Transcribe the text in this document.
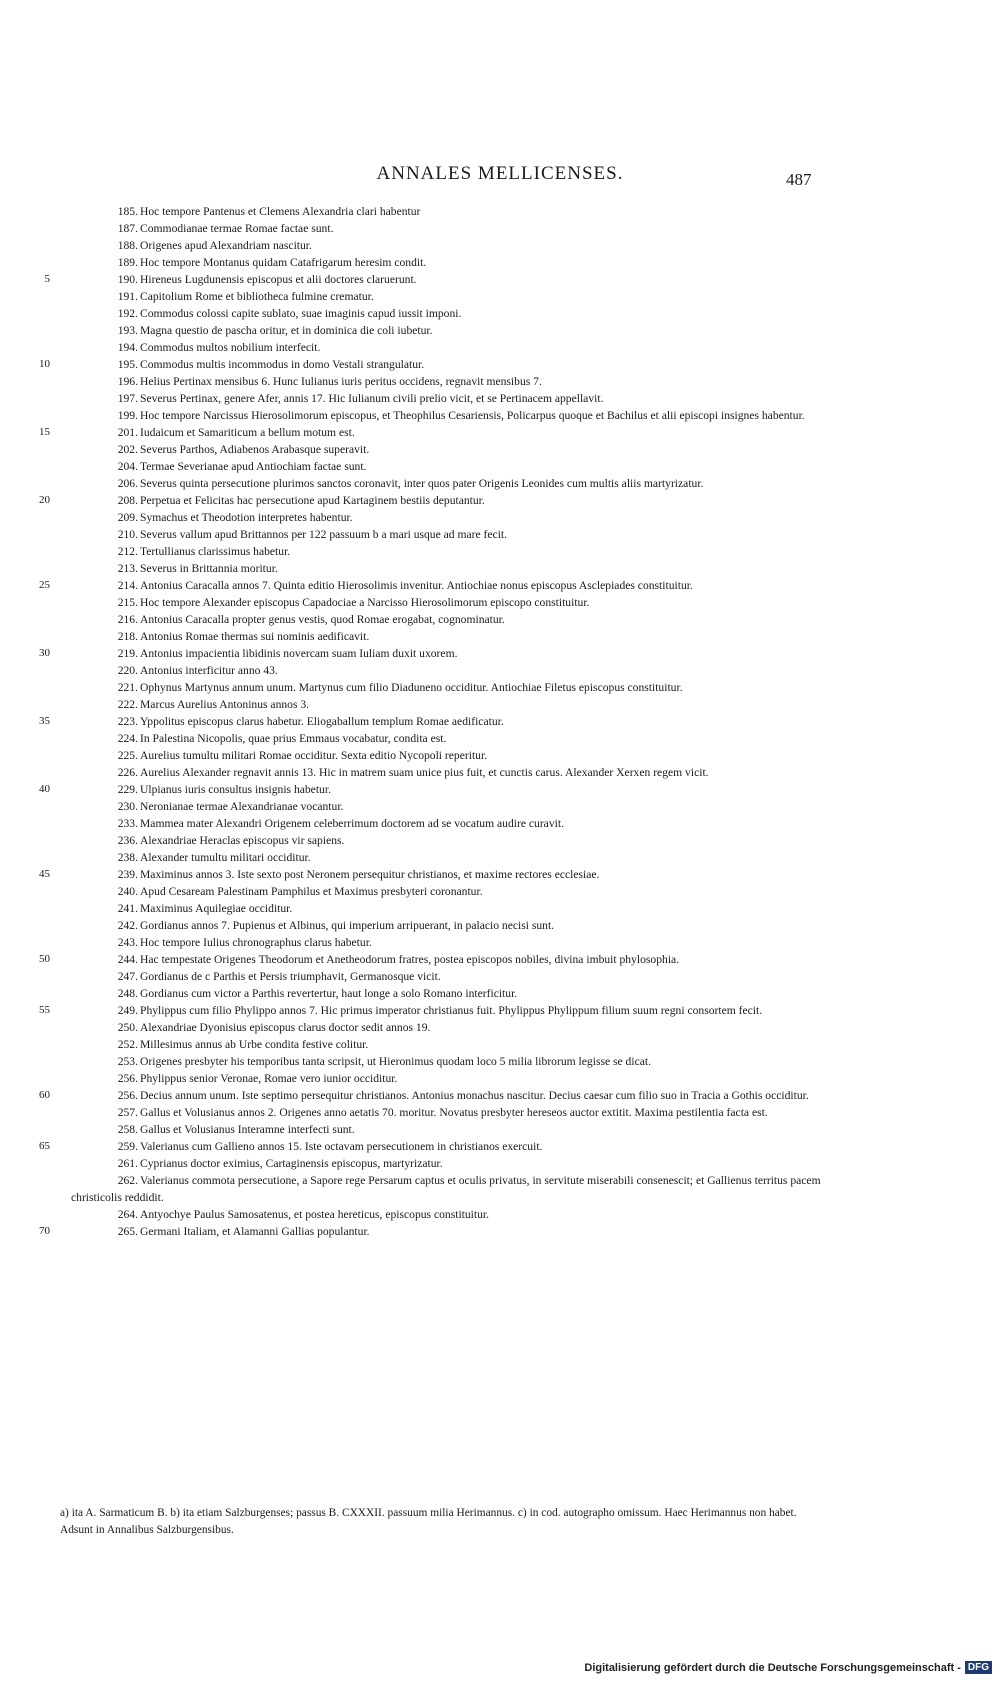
ANNALES MELLICENSES.	487
185. Hoc tempore Pantenus et Clemens Alexandria clari habentur
187. Commodianae termae Romae factae sunt.
188. Origenes apud Alexandriam nascitur.
189. Hoc tempore Montanus quidam Catafrigarum heresim condit.
5	190. Hireneus Lugdunensis episcopus et alii doctores claruerunt.
191. Capitolium Rome et bibliotheca fulmine crematur.
192. Commodus colossi capite sublato, suae imaginis capud iussit imponi.
193. Magna questio de pascha oritur, et in dominica die coli iubetur.
194. Commodus multos nobilium interfecit.
10	195. Commodus multis incommodus in domo Vestali strangulatur.
196. Helius Pertinax mensibus 6. Hunc Iulianus iuris peritus occidens, regnavit mensibus 7.
197. Severus Pertinax, genere Afer, annis 17. Hic Iulianum civili prelio vicit, et se Pertinacem appellavit.
199. Hoc tempore Narcissus Hierosolimorum episcopus, et Theophilus Cesariensis, Policarpus quoque et Bachilus et alii episcopi insignes habentur.
15	201. Iudaicum et Samariticum a bellum motum est.
202. Severus Parthos, Adiabenos Arabasque superavit.
204. Termae Severianae apud Antiochiam factae sunt.
206. Severus quinta persecutione plurimos sanctos coronavit, inter quos pater Origenis Leonides cum multis aliis martyrizatur.
20	208. Perpetua et Felicitas hac persecutione apud Kartaginem bestiis deputantur.
209. Symachus et Theodotion interpretes habentur.
210. Severus vallum apud Brittannos per 122 passuum b a mari usque ad mare fecit.
212. Tertullianus clarissimus habetur.
213. Severus in Brittannia moritur.
25	214. Antonius Caracalla annos 7. Quinta editio Hierosolimis invenitur. Antiochiae nonus episcopus Asclepiades constituitur.
215. Hoc tempore Alexander episcopus Capadociae a Narcisso Hierosolimorum episcopo constituitur.
216. Antonius Caracalla propter genus vestis, quod Romae erogabat, cognominatur.
218. Antonius Romae thermas sui nominis aedificavit.
30	219. Antonius impacientia libidinis novercam suam Iuliam duxit uxorem.
220. Antonius interficitur anno 43.
221. Ophynus Martynus annum unum. Martynus cum filio Diaduneno occiditur. Antiochiae Filetus episcopus constituitur.
222. Marcus Aurelius Antoninus annos 3.
35	223. Yppolitus episcopus clarus habetur. Eliogaballum templum Romae aedificatur.
224. In Palestina Nicopolis, quae prius Emmaus vocabatur, condita est.
225. Aurelius tumultu militari Romae occiditur. Sexta editio Nycopoli reperitur.
226. Aurelius Alexander regnavit annis 13. Hic in matrem suam unice pius fuit, et cunctis carus. Alexander Xerxen regem vicit.
40	229. Ulpianus iuris consultus insignis habetur.
230. Neronianae termae Alexandrianae vocantur.
233. Mammea mater Alexandri Origenem celeberrimum doctorem ad se vocatum audire curavit.
236. Alexandriae Heraclas episcopus vir sapiens.
238. Alexander tumultu militari occiditur.
45	239. Maximinus annos 3. Iste sexto post Neronem persequitur christianos, et maxime rectores ecclesiae.
240. Apud Cesaream Palestinam Pamphilus et Maximus presbyteri coronantur.
241. Maximinus Aquilegiae occiditur.
242. Gordianus annos 7. Pupienus et Albinus, qui imperium arripuerant, in palacio necisi sunt.
243. Hoc tempore Iulius chronographus clarus habetur.
50	244. Hac tempestate Origenes Theodorum et Anetheodorum fratres, postea episcopos nobiles, divina imbuit phylosophia.
247. Gordianus de c Parthis et Persis triumphavit, Germanosque vicit.
248. Gordianus cum victor a Parthis revertertur, haut longe a solo Romano interficitur.
55	249. Phylippus cum filio Phylippo annos 7. Hic primus imperator christianus fuit. Phylippus Phylippum filium suum regni consortem fecit.
250. Alexandriae Dyonisius episcopus clarus doctor sedit annos 19.
252. Millesimus annus ab Urbe condita festive colitur.
253. Origenes presbyter his temporibus tanta scripsit, ut Hieronimus quodam loco 5 milia librorum legisse se dicat.
256. Phylippus senior Veronae, Romae vero iunior occiditur.
60	256. Decius annum unum. Iste septimo persequitur christianos. Antonius monachus nascitur. Decius caesar cum filio suo in Tracia a Gothis occiditur.
257. Gallus et Volusianus annos 2. Origenes anno aetatis 70. moritur. Novatus presbyter hereseos auctor extitit. Maxima pestilentia facta est.
258. Gallus et Volusianus Interamne interfecti sunt.
65	259. Valerianus cum Gallieno annos 15. Iste octavam persecutionem in christianos exercuit.
261. Cyprianus doctor eximius, Cartaginensis episcopus, martyrizatur.
262. Valerianus commota persecutione, a Sapore rege Persarum captus et oculis privatus, in servitute miserabili consenescit; et Gallienus territus pacem christicolis reddidit.
264. Antyochye Paulus Samosatenus, et postea hereticus, episcopus constituitur.
70	265. Germani Italiam, et Alamanni Gallias populantur.
a) ita A. Sarmaticum B. b) ita etiam Salzburgenses; passus B. CXXXII. passuum milia Herimannus. c) in cod. autographo omissum. Haec Herimannus non habet. Adsunt in Annalibus Salzburgensibus.
Digitalisierung gefördert durch die Deutsche Forschungsgemeinschaft - DFG
